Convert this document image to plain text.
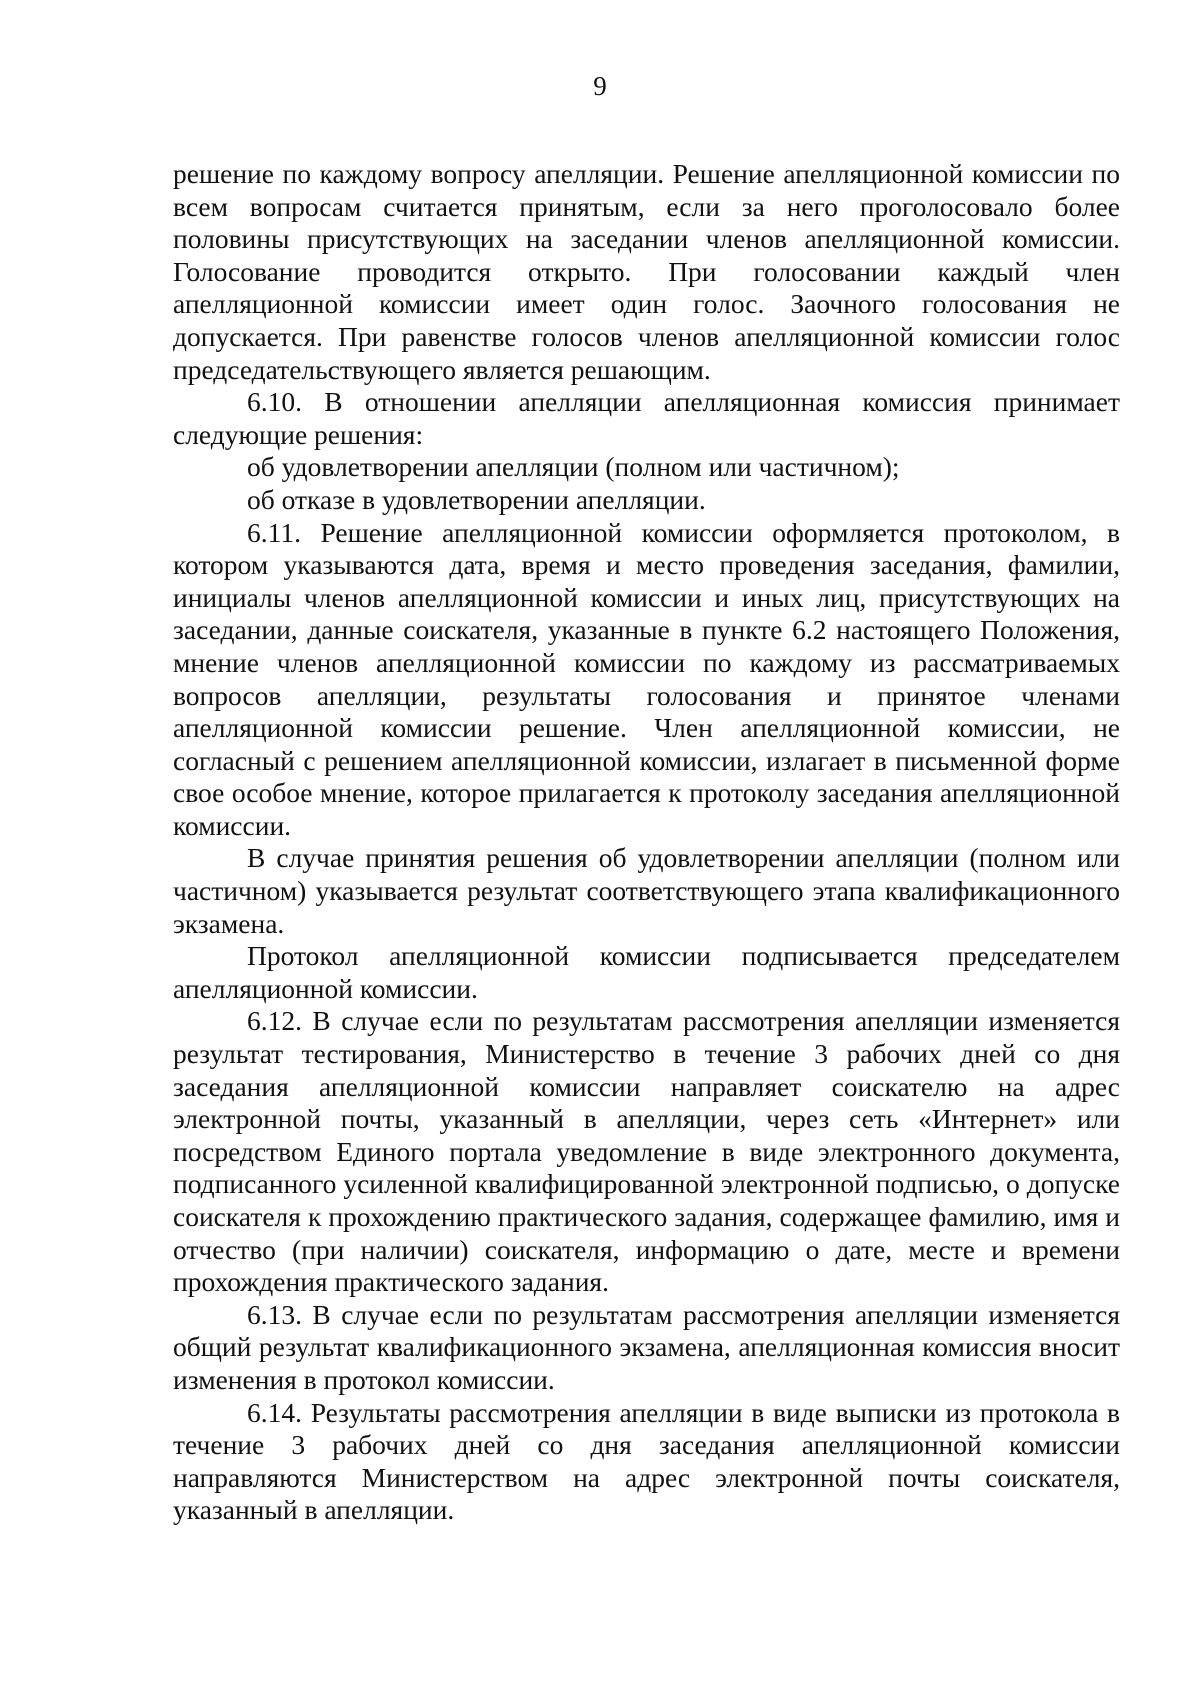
9

решение по каждому вопросу апелляции. Решение апелляционной комиссии по всем вопросам считается принятым, если за него проголосовало более половины присутствующих на заседании членов апелляционной комиссии. Голосование проводится открыто. При голосовании каждый член апелляционной комиссии имеет один голос. Заочного голосования не допускается. При равенстве голосов членов апелляционной комиссии голос председательствующего является решающим.

6.10. В отношении апелляции апелляционная комиссия принимает следующие решения:

об удовлетворении апелляции (полном или частичном);

об отказе в удовлетворении апелляции.

6.11. Решение апелляционной комиссии оформляется протоколом, в котором указываются дата, время и место проведения заседания, фамилии, инициалы членов апелляционной комиссии и иных лиц, присутствующих на заседании, данные соискателя, указанные в пункте 6.2 настоящего Положения, мнение членов апелляционной комиссии по каждому из рассматриваемых вопросов апелляции, результаты голосования и принятое членами апелляционной комиссии решение. Член апелляционной комиссии, не согласный с решением апелляционной комиссии, излагает в письменной форме свое особое мнение, которое прилагается к протоколу заседания апелляционной комиссии.

В случае принятия решения об удовлетворении апелляции (полном или частичном) указывается результат соответствующего этапа квалификационного экзамена.

Протокол апелляционной комиссии подписывается председателем апелляционной комиссии.

6.12. В случае если по результатам рассмотрения апелляции изменяется результат тестирования, Министерство в течение 3 рабочих дней со дня заседания апелляционной комиссии направляет соискателю на адрес электронной почты, указанный в апелляции, через сеть «Интернет» или посредством Единого портала уведомление в виде электронного документа, подписанного усиленной квалифицированной электронной подписью, о допуске соискателя к прохождению практического задания, содержащее фамилию, имя и отчество (при наличии) соискателя, информацию о дате, месте и времени прохождения практического задания.

6.13. В случае если по результатам рассмотрения апелляции изменяется общий результат квалификационного экзамена, апелляционная комиссия вносит изменения в протокол комиссии.

6.14. Результаты рассмотрения апелляции в виде выписки из протокола в течение 3 рабочих дней со дня заседания апелляционной комиссии направляются Министерством на адрес электронной почты соискателя, указанный в апелляции.
